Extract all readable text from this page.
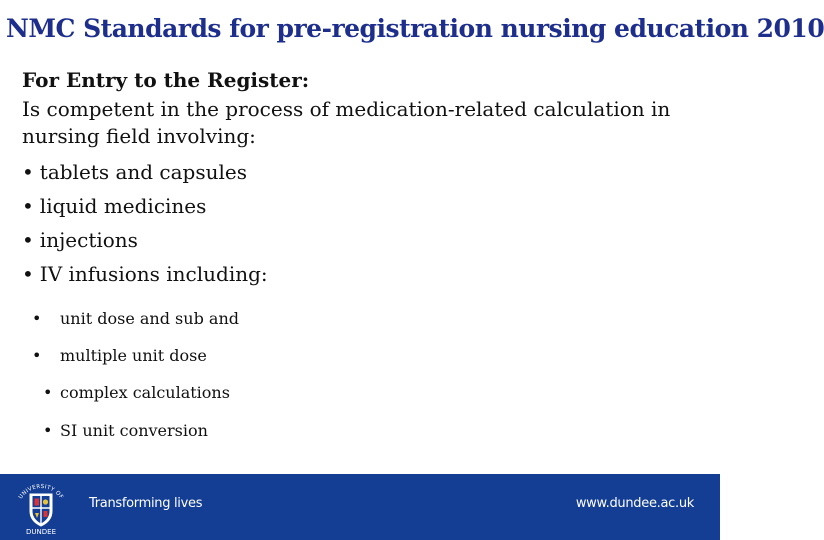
NMC Standards for pre-registration nursing education 2010
For Entry to the Register:
Is competent in the process of medication-related calculation in nursing field involving:
• tablets and capsules
• liquid medicines
• injections
• IV infusions including:
• unit dose and sub and
• multiple unit dose
• complex calculations
• SI unit conversion
UNIVERSITY OF
DUNDEE
Transforming lives	www.dundee.ac.uk
